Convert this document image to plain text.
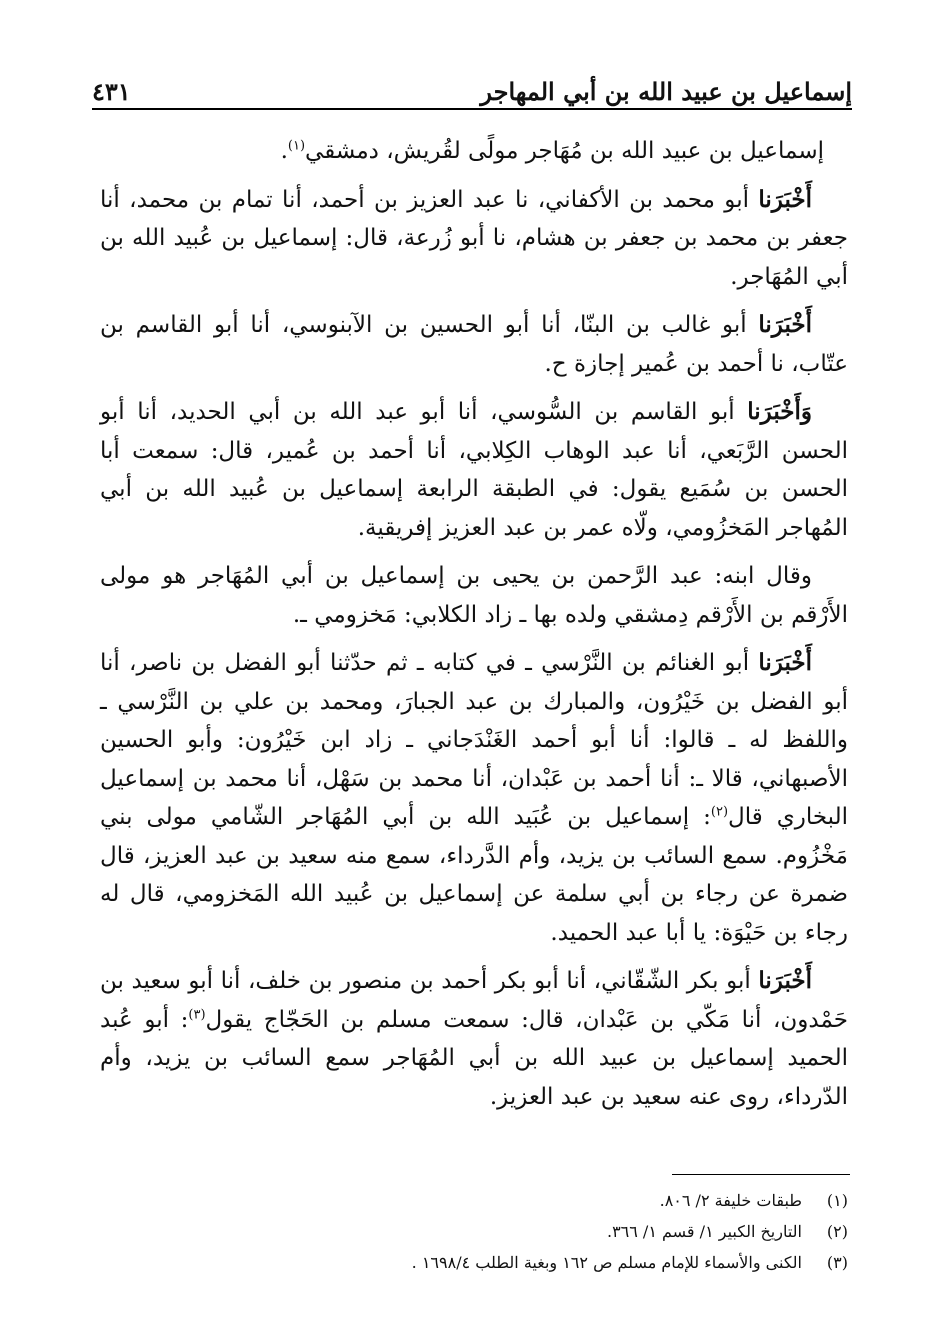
إسماعيل بن عبيد الله بن أبي المهاجر
٤٣١

إسماعيل بن عبيد الله بن مُهَاجر مولًى لقُريش، دمشقي$^{(١)}$.

أَخْبَرَنا أبو محمد بن الأكفاني، نا عبد العزيز بن أحمد، أنا تمام بن محمد، أنا جعفر بن محمد بن جعفر بن هشام، نا أبو زُرعة، قال: إسماعيل بن عُبيد الله بن أبي المُهَاجر.

أَخْبَرَنا أبو غالب بن البنّا، أنا أبو الحسين بن الآبنوسي، أنا أبو القاسم بن عتّاب، نا أحمد بن عُمير إجازة ح.

وَأَخْبَرَنا أبو القاسم بن السُّوسي، أنا أبو عبد الله بن أبي الحديد، أنا أبو الحسن الرَّبَعي، أنا عبد الوهاب الكِلابي، أنا أحمد بن عُمير، قال: سمعت أبا الحسن بن سُمَيع يقول: في الطبقة الرابعة إسماعيل بن عُبيد الله بن أبي المُهاجر المَخزُومي، ولّاه عمر بن عبد العزيز إفريقية.

وقال ابنه: عبد الرَّحمن بن يحيى بن إسماعيل بن أبي المُهَاجر هو مولى الأَرْقم بن الأَرْقم دِمشقي ولده بها ـ زاد الكلابي: مَخزومي ـ.

أَخْبَرَنا أبو الغنائم بن النَّرْسي ـ في كتابه ـ ثم حدّثنا أبو الفضل بن ناصر، أنا أبو الفضل بن خَيْرُون، والمبارك بن عبد الجبارَ، ومحمد بن علي بن النَّرْسي ـ واللفظ له ـ قالوا: أنا أبو أحمد الغَنْدَجاني ـ زاد ابن خَيْرُون: وأبو الحسين الأصبهاني، قالا ـ: أنا أحمد بن عَبْدان، أنا محمد بن سَهْل، أنا محمد بن إسماعيل البخاري قال$^{(٢)}$: إسماعيل بن عُبَيد الله بن أبي المُهَاجر الشّامي مولى بني مَخْزُوم. سمع السائب بن يزيد، وأم الدَّرداء، سمع منه سعيد بن عبد العزيز، قال ضمرة عن رجاء بن أبي سلمة عن إسماعيل بن عُبيد الله المَخزومي، قال له رجاء بن حَيْوَة: يا أبا عبد الحميد.

أَخْبَرَنا أبو بكر الشّقّاني، أنا أبو بكر أحمد بن منصور بن خلف، أنا أبو سعيد بن حَمْدون، أنا مَكّي بن عَبْدان، قال: سمعت مسلم بن الحَجّاج يقول$^{(٣)}$: أبو عُبد الحميد إسماعيل بن عبيد الله بن أبي المُهَاجر سمع السائب بن يزيد، وأم الدّرداء، روى عنه سعيد بن عبد العزيز.

(١)
طبقات خليفة ٢/ ٨٠٦.
(٢)
التاريخ الكبير ١/ قسم ١/ ٣٦٦.
(٣)
الكنى والأسماء للإمام مسلم ص ١٦٢ وبغية الطلب ١٦٩٨/٤ .
